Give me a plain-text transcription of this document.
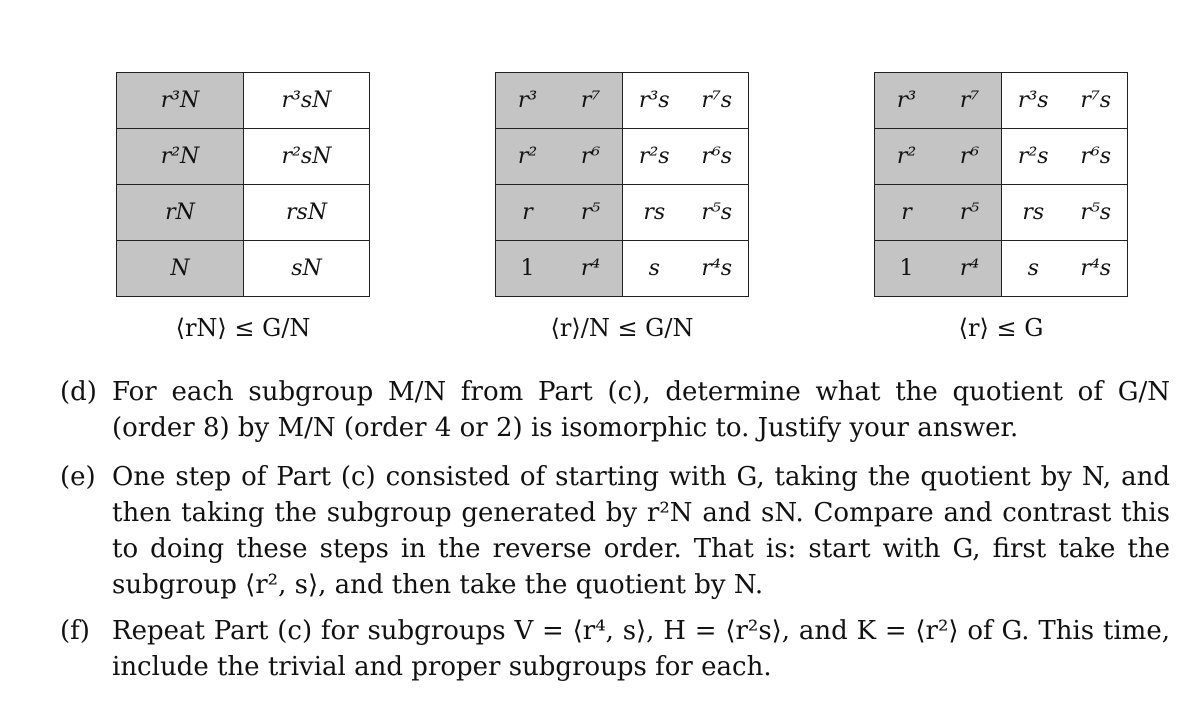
r³N	r³sN
r²N	r²sN
rN	rsN
N	sN
⟨rN⟩ ≤ G/N
r³ r⁷	r³s r⁷s

r² r⁶	r²s r⁶s

r r⁵	rs r⁵s

1 r⁴	s r⁴s
⟨r⟩/N ≤ G/N
r³ r⁷	r³s r⁷s

r² r⁶	r²s r⁶s

r r⁵	rs r⁵s

1 r⁴	s r⁴s
⟨r⟩ ≤ G
(d) For each subgroup M/N from Part (c), determine what the quotient of G/N (order 8) by M/N (order 4 or 2) is isomorphic to. Justify your answer.
(e) One step of Part (c) consisted of starting with G, taking the quotient by N, and then taking the subgroup generated by r²N and sN. Compare and contrast this to doing these steps in the reverse order. That is: start with G, first take the subgroup ⟨r², s⟩, and then take the quotient by N.
(f) Repeat Part (c) for subgroups V = ⟨r⁴, s⟩, H = ⟨r²s⟩, and K = ⟨r²⟩ of G. This time, include the trivial and proper subgroups for each.
